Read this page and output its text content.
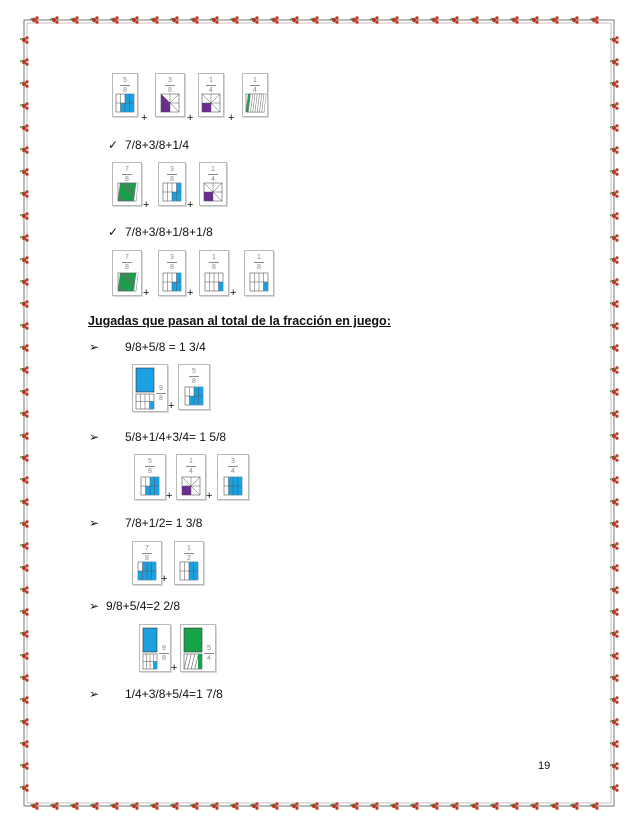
5
8
+
3
8
+
1
4
+
1
4
✓ 7/8+3/8+1/4
7
8
+
3
8
+
1
4
✓ 7/8+3/8+1/8+1/8
7
8
+
3
8
+
1
8
+
1
8
Jugadas que pasan al total de la fracción en juego:
➢ 9/8+5/8 = 1 3/4
9
8
+
5
8
➢ 5/8+1/4+3/4= 1 5/8
5
8
+
1
4
+
3
4
➢ 7/8+1/2= 1 3/8
7
8
+
1
2
➢ 9/8+5/4=2 2/8
9
8
+
5
4
➢ 1/4+3/8+5/4=1 7/8
19
